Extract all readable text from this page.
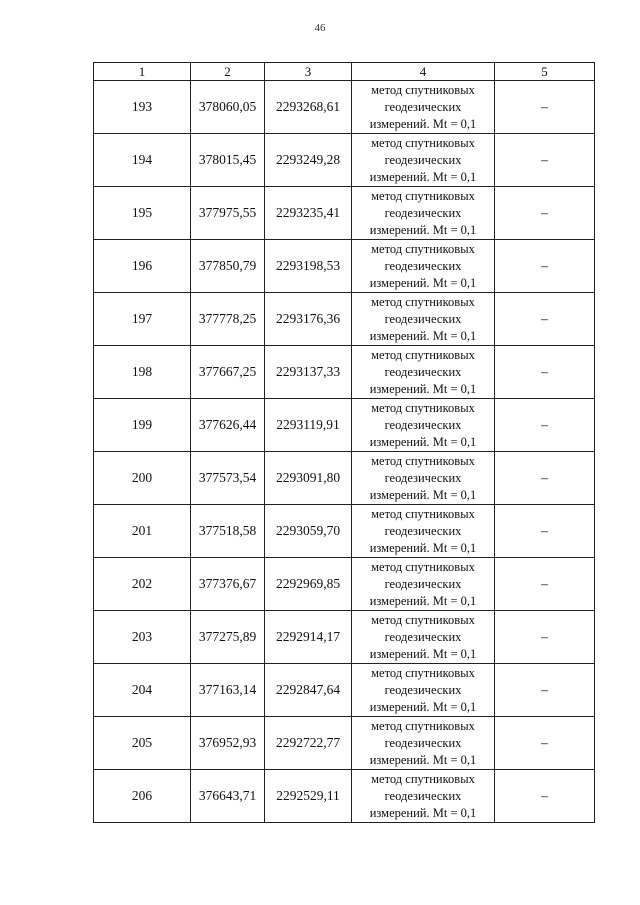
46
1	2	3	4	5
193	378060,05	2293268,61	метод спутниковых
геодезических
измерений. Mt = 0,1	–
194	378015,45	2293249,28	метод спутниковых
геодезических
измерений. Mt = 0,1	–
195	377975,55	2293235,41	метод спутниковых
геодезических
измерений. Mt = 0,1	–
196	377850,79	2293198,53	метод спутниковых
геодезических
измерений. Mt = 0,1	–
197	377778,25	2293176,36	метод спутниковых
геодезических
измерений. Mt = 0,1	–
198	377667,25	2293137,33	метод спутниковых
геодезических
измерений. Mt = 0,1	–
199	377626,44	2293119,91	метод спутниковых
геодезических
измерений. Mt = 0,1	–
200	377573,54	2293091,80	метод спутниковых
геодезических
измерений. Mt = 0,1	–
201	377518,58	2293059,70	метод спутниковых
геодезических
измерений. Mt = 0,1	–
202	377376,67	2292969,85	метод спутниковых
геодезических
измерений. Mt = 0,1	–
203	377275,89	2292914,17	метод спутниковых
геодезических
измерений. Mt = 0,1	–
204	377163,14	2292847,64	метод спутниковых
геодезических
измерений. Mt = 0,1	–
205	376952,93	2292722,77	метод спутниковых
геодезических
измерений. Mt = 0,1	–
206	376643,71	2292529,11	метод спутниковых
геодезических
измерений. Mt = 0,1	–
